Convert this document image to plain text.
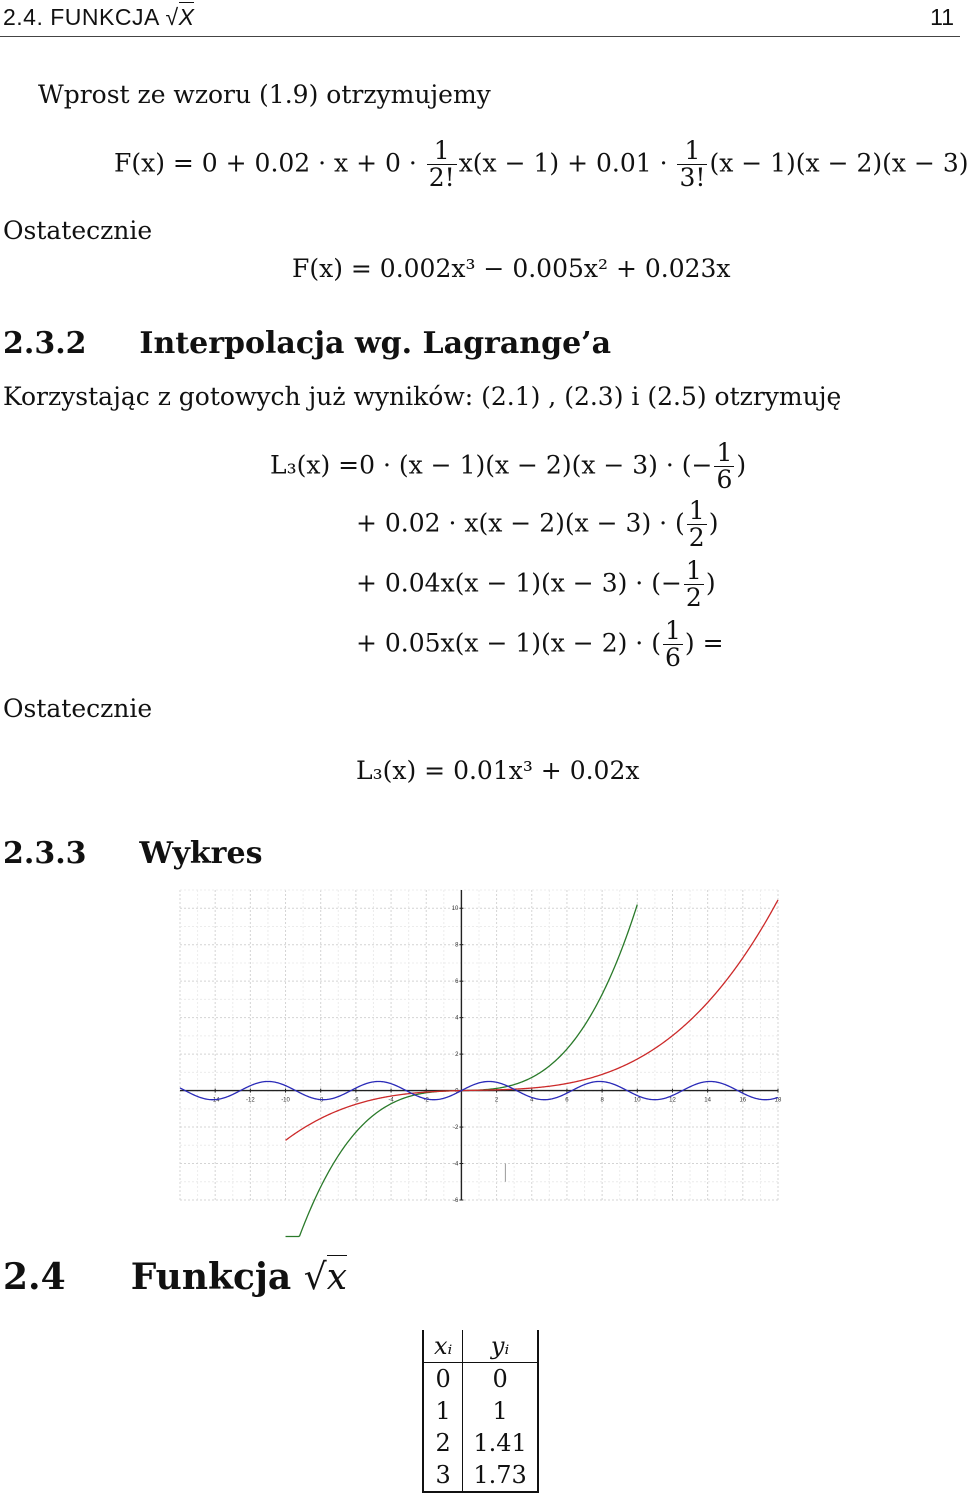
2.4. FUNKCJA √X	11
Wprost ze wzoru (1.9) otrzymujemy
$F(x) = 0 + 0.02 \cdot x + 0 \cdot \frac{1}{2!} x(x - 1) + 0.01 \cdot \frac{1}{3!} (x - 1)(x - 2)(x - 3)$
Ostatecznie
F(x) = 0.002x³ − 0.005x² + 0.023x
2.3.2 Interpolacja wg. Lagrange’a
Korzystając z gotowych już wyników: (2.1) , (2.3) i (2.5) otzrymuję
L₃(x) =0 · (x − 1)(x − 2)(x − 3) · (− $\frac{1}{6}$ )
+ 0.02 · x(x − 2)(x − 3) · ( $\frac{1}{2}$ )
+ 0.04x(x − 1)(x − 3) · (− $\frac{1}{2}$ )
+ 0.05x(x − 1)(x − 2) · ( $\frac{1}{6}$ ) =
Ostatecznie
L₃(x) = 0.01x³ + 0.02x
2.3.3 Wykres
-14	-12	-10	-8	-6	-4	-2	2	4	6	8	10	12	14	16	18
10
8
6
4
2
0
-2
-4
-6
2.4 Funkcja √x
xᵢ	yᵢ
0	0
1	1
2	1.41
3	1.73
